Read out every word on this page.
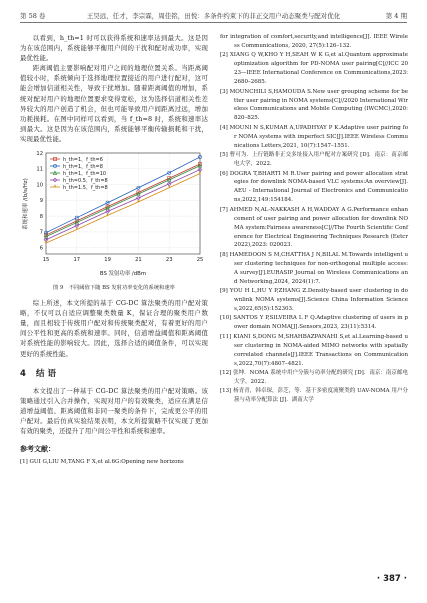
第 58 卷	王昊远，任才，李宗霖，周佳铭，田悦：多条件约束下的非正交用户动态聚类与配对优化	第 4 期

以看到，h_th=1 时可以获得系统和速率达到最大。这是因为在该范围内，系统能够平衡用户间的干扰和配对成功率，实现最优性能。

距离阈值主要影响配对用户之间的地理位置关系。当距离阈值较小时，系统倾向于选择地理位置接近的用户进行配对，这可能会增加信道相关性，导致干扰增加。随着距离阈值的增加，系统对配对用户的地理位置要求变得宽松，这为选择信道相关性差异较大的用户创造了机会，但也可能导致用户间距离过远，增加功耗损耗。在图中同样可以看到，当 f_th=8 时，系统和速率达到最大。这是因为在该范围内，系统能够平衡传输损耗和干扰，实现最优性能。

*
*
*
*
*
*
6
7
8
9
10
11
12
15	17	19	21	23	25
h_th=1，f_th=6
h_th=1，f_th=8
h_th=1，f_th=10
h_th=0.5，f_th=8
* h_th=1.5，f_th=8
BS 发射功率 /dBm
系统和速率 /(b/s/Hz)

图 9　不同阈值下随 BS 发射功率变化的系统和速率

综上所述，本文所提的基于 CG-DC 算法聚类的用户配对策略，不仅可以自适应调整聚类数量 K，保证合理的聚类用户数量，而且相较于传统用户配对和传统聚类配对，有着更好的用户间公平性和更高的系统和速率。同时，信道增益阈值和距离阈值对系统性能的影响较大。因此，选择合适的阈值条件，可以实现更好的系统性能。

4 结 语

本文提出了一种基于 CG-DC 算法聚类的用户配对策略。该策略通过引入合并操作，实现对用户的有效聚类，适应在满足信道增益阈值、距离阈值和非同一聚类的条件下，完成更公平的用户配对。最后仿真实验结果表明，本文所提策略不仅实现了更加有效的聚类，还提升了用户间公平性和系统和速率。

参考文献：

[1] GUI G,LIU M,TANG F X,et al.6G:Opening new horizons

for integration of comfort,security,and intelligence[J]. IEEE Wireless Communications, 2020, 27(5):126–132.

[2] XIANG Q W,KHO Y H,SEAH W K G,et al.Quantum approximate optimization algorithm for PD-NOMA user pairing[C]//ICC 2023—IEEE International Conference on Communications,2023:2680–2685.

[3] MOUNCHILI S,HAMOUDA S.New user grouping scheme for better user pairing in NOMA systems[C]//2020 International Wireless Communications and Mobile Computing (IWCMC),2020:820–825.

[4] MOUNI N S,KUMAR A,UPADHYAY P K.Adaptive user pairing for NOMA systems with imperfect SIC[J].IEEE Wireless Communications Letters,2021, 10(7):1547–1551.

[5] 曹可为．上行链路非正交多址接入用户配对方案研究 [D]．南京：南京邮电大学，2022.

[6] DOGRA T,BHARTI M R.User pairing and power allocation strategies for downlink NOMA-based VLC systems:An overview[J].AEU - International Journal of Electronics and Communications,2022,149:154184.

[7] AHMED N,AL-NAKKASH A H,WADDAY A G.Performance enhancement of user pairing and power allocation for downlink NOMA system:Fairness awareness[C]//The Fourth Scientific Conference for Electrical Engineering Techniques Research (Eetcr2022),2023: 020023.

[8] HAMEDOON S M,CHATTHA J N,BILAL M.Towards intelligent user clustering techniques for non-orthogonal multiple access:A survey[J].EURASIP Journal on Wireless Communications and Networking,2024, 2024(1):7.

[9] YOU H L,HU Y P,ZHANG Z.Density-based user clustering in downlink NOMA systems[J].Science China Information Sciences,2022,65(5):152303.

[10] SANTOS Y P,SILVEIRA L F Q.Adaptive clustering of users in power domain NOMA[J].Sensors,2023, 23(11):5314.

[11] KIANI S,DONG M,SHAHBAZPANAHI S,et al.Learning-based user clustering in NOMA-aided MIMO networks with spatially correlated channels[J].IEEE Transactions on Communications,2022,70(7):4807–4821.

[12] 张坤．NOMA 系统中用户分簇与功率分配的研究 [D]．南京：南京邮电大学，2022.

[13] 杨青青，韩卓琛，彭芝，等．基于多密度流聚类的 UAV-NOMA 用户分簇与功率分配算法 [J]．湖南大学

· 387 ·
